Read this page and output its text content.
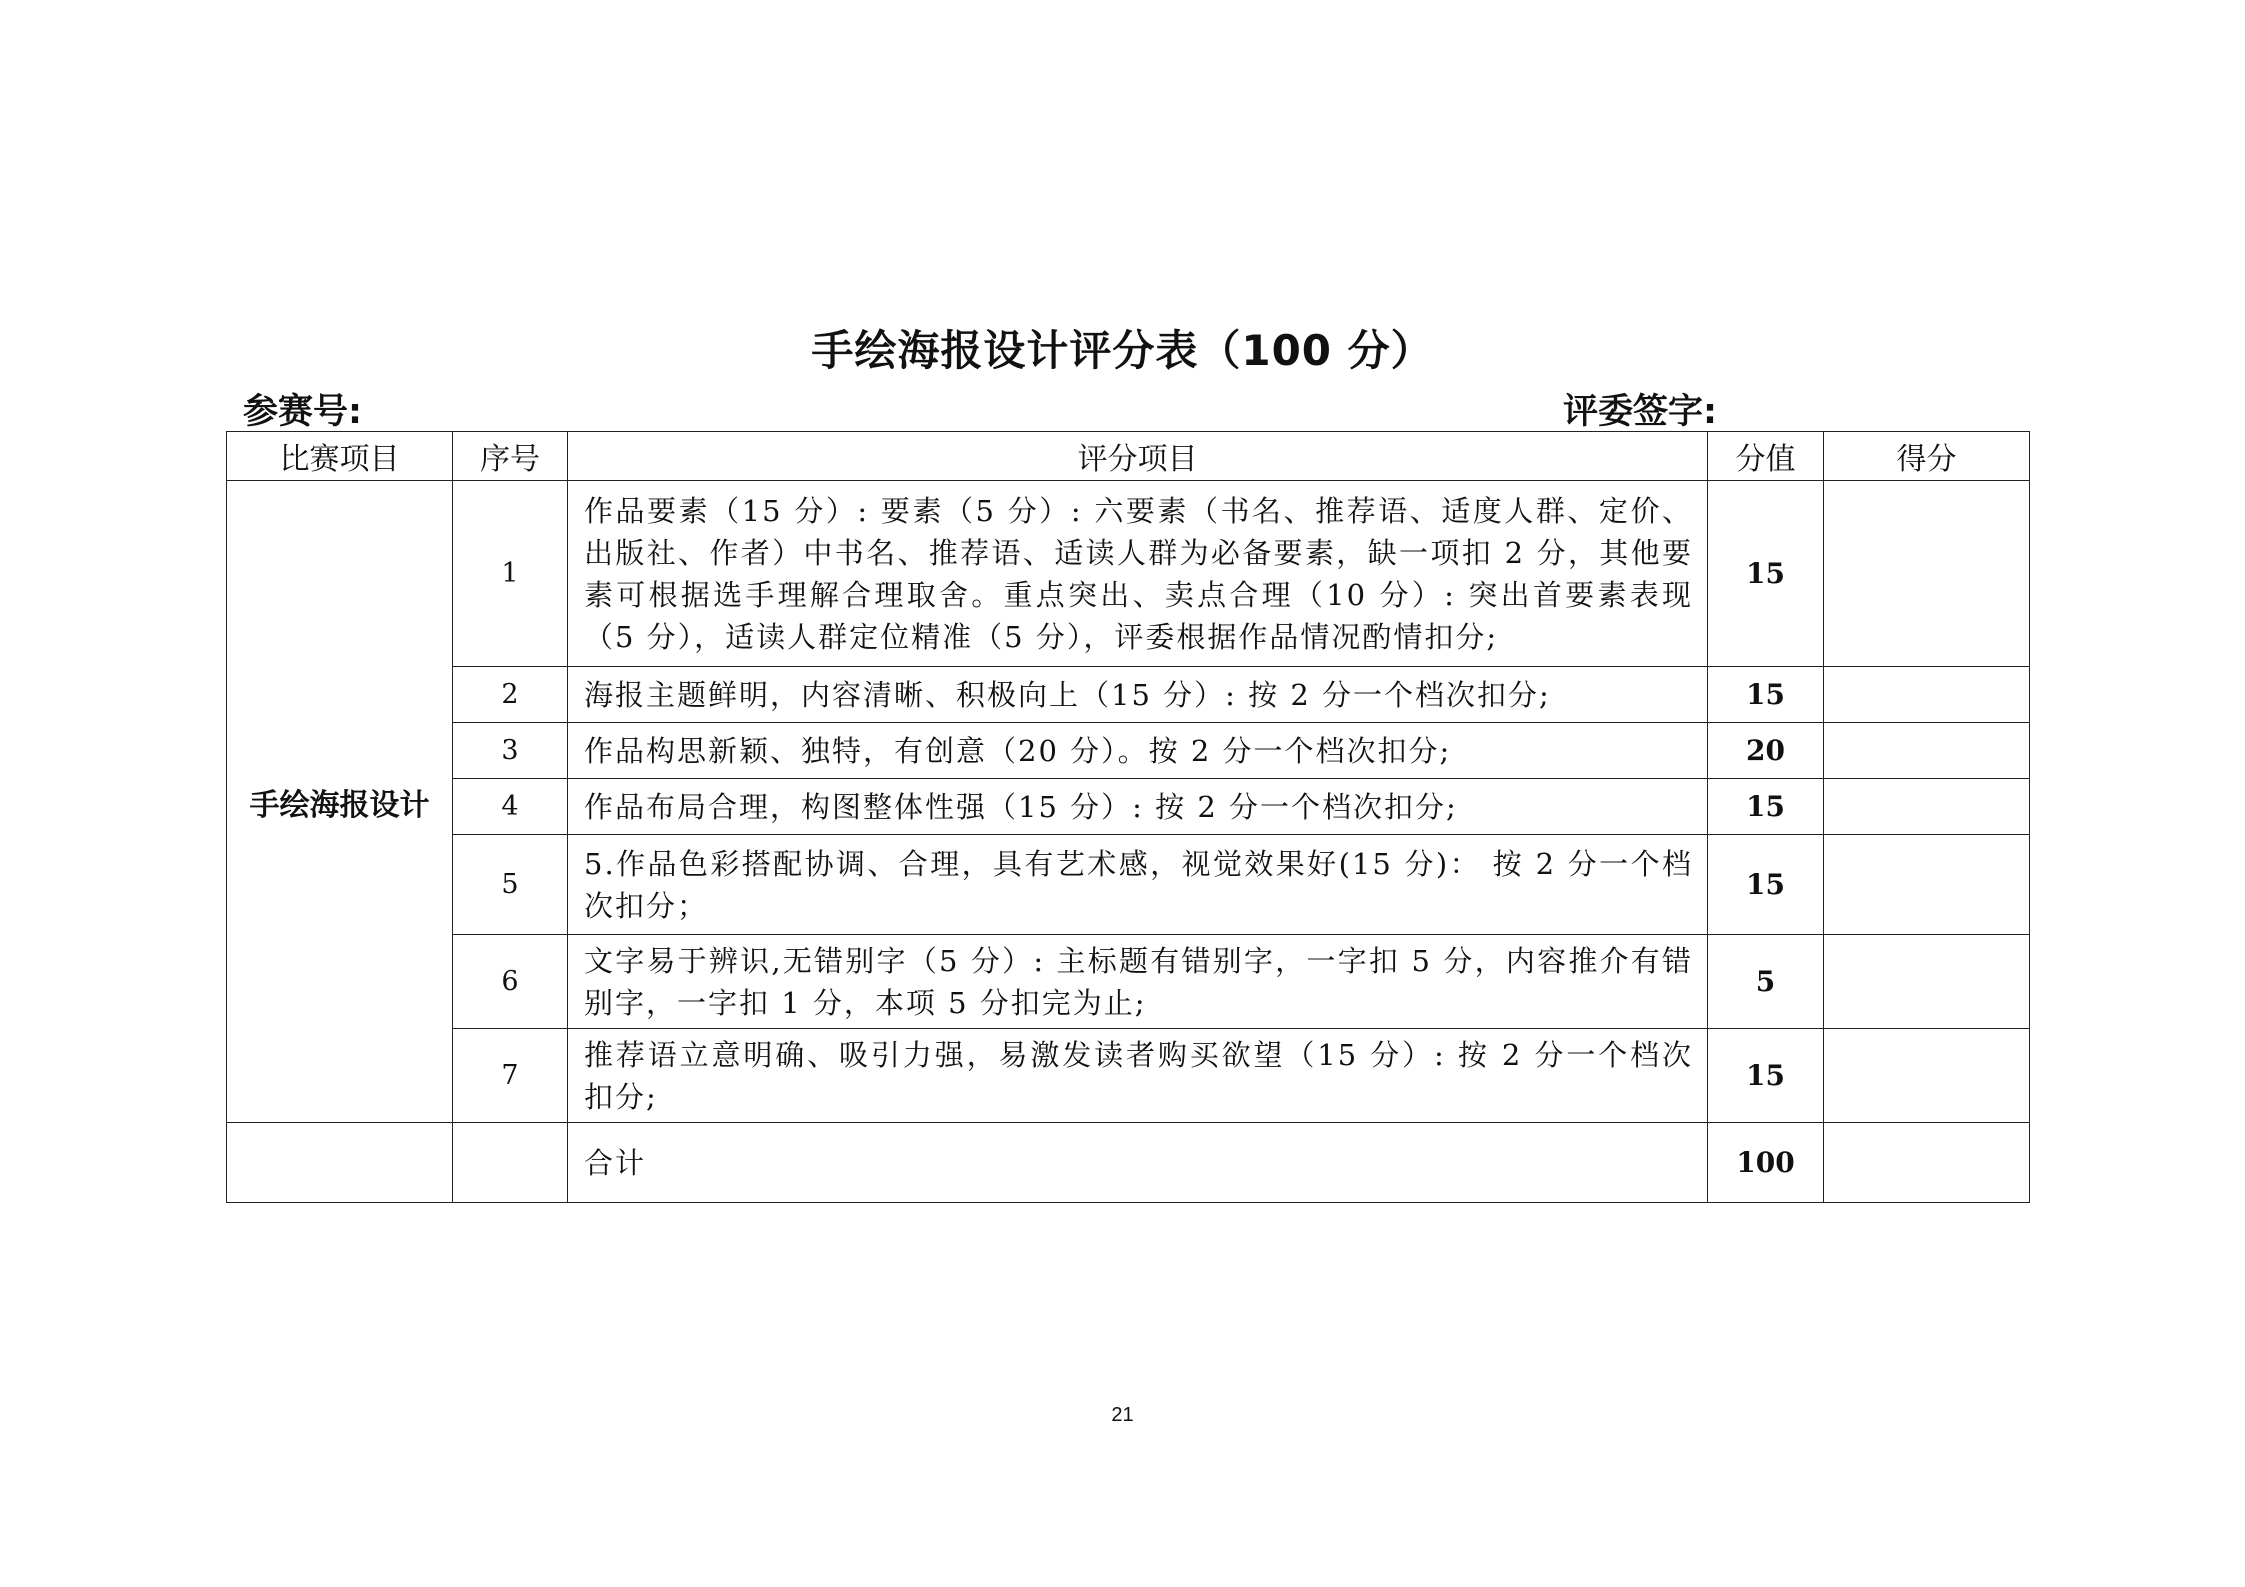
手绘海报设计评分表（100 分）
参赛号:	评委签字:
比赛项目	序号	评分项目	分值	得分
手绘海报设计	1	作品要素（15 分）: 要素（5 分）: 六要素（书名、推荐语、适度人群、定价、出版社、作者）中书名、推荐语、适读人群为必备要素，缺一项扣 2 分，其他要素可根据选手理解合理取舍。重点突出、卖点合理（10 分）: 突出首要素表现（5 分），适读人群定位精准（5 分），评委根据作品情况酌情扣分;	15	
	2	海报主题鲜明，内容清晰、积极向上（15 分）: 按 2 分一个档次扣分;	15	
	3	作品构思新颖、独特，有创意（20 分）。按 2 分一个档次扣分;	20	
	4	作品布局合理，构图整体性强（15 分）: 按 2 分一个档次扣分;	15	
	5	5.作品色彩搭配协调、合理，具有艺术感，视觉效果好(15 分)： 按 2 分一个档次扣分；	15	
	6	文字易于辨识,无错别字（5 分）: 主标题有错别字，一字扣 5 分，内容推介有错别字，一字扣 1 分，本项 5 分扣完为止;	5	
	7	推荐语立意明确、吸引力强，易激发读者购买欲望（15 分）: 按 2 分一个档次扣分;	15	
		合计	100	
21
